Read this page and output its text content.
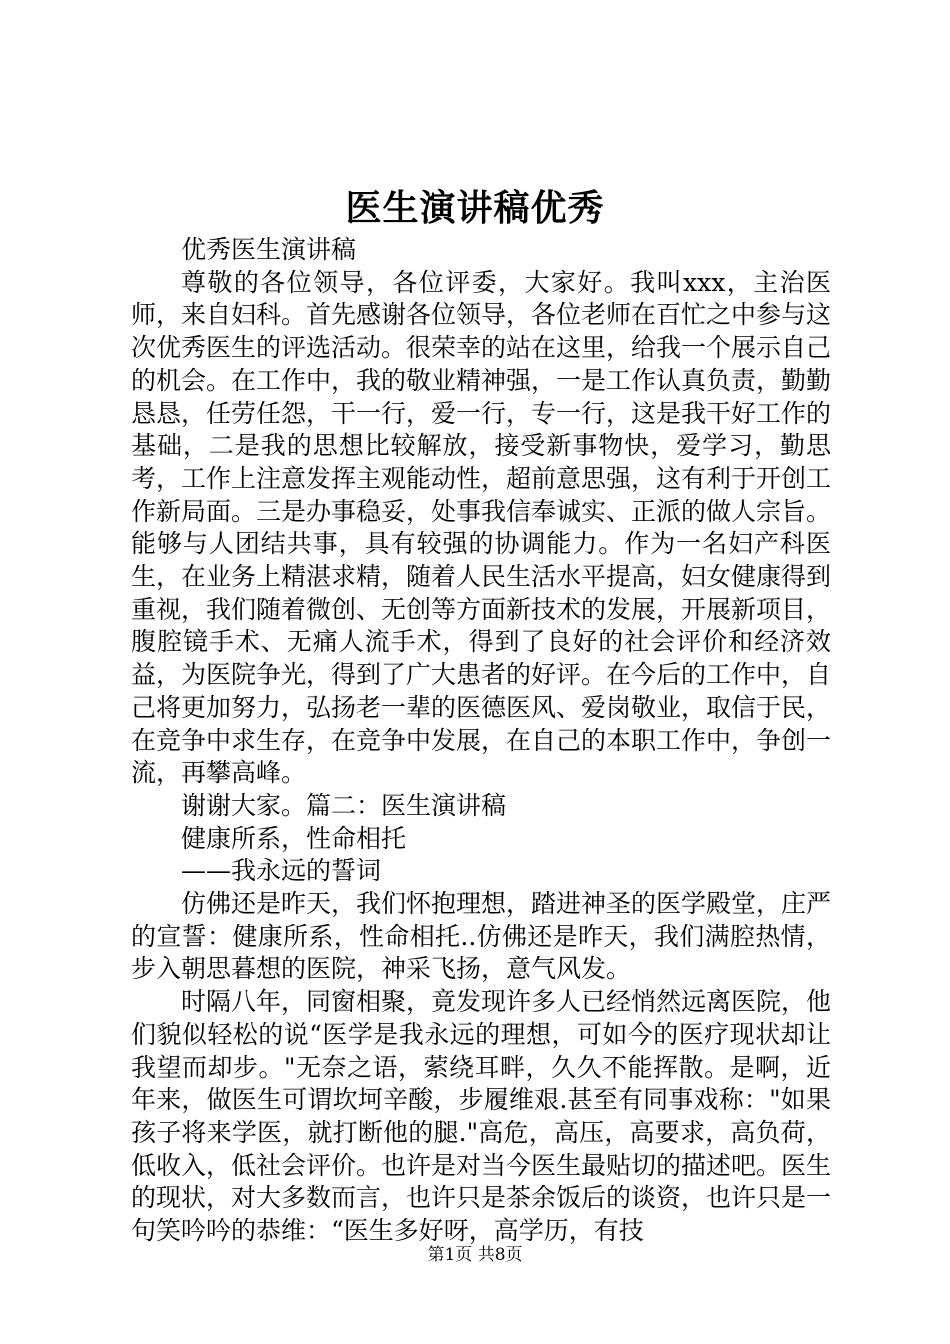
医生演讲稿优秀

优秀医生演讲稿

尊敬的各位领导，各位评委，大家好。我叫xxx，主治医师，来自妇科。首先感谢各位领导，各位老师在百忙之中参与这次优秀医生的评选活动。很荣幸的站在这里，给我一个展示自己的机会。在工作中，我的敬业精神强，一是工作认真负责，勤勤恳恳，任劳任怨，干一行，爱一行，专一行，这是我干好工作的基础，二是我的思想比较解放，接受新事物快，爱学习，勤思考，工作上注意发挥主观能动性，超前意思强，这有利于开创工作新局面。三是办事稳妥，处事我信奉诚实、正派的做人宗旨。能够与人团结共事，具有较强的协调能力。作为一名妇产科医生，在业务上精湛求精，随着人民生活水平提高，妇女健康得到重视，我们随着微创、无创等方面新技术的发展，开展新项目，腹腔镜手术、无痛人流手术，得到了良好的社会评价和经济效益，为医院争光，得到了广大患者的好评。在今后的工作中，自己将更加努力，弘扬老一辈的医德医风、爱岗敬业，取信于民，在竞争中求生存，在竞争中发展，在自己的本职工作中，争创一流，再攀高峰。

谢谢大家。篇二：医生演讲稿

健康所系，性命相托

——我永远的誓词

仿佛还是昨天，我们怀抱理想，踏进神圣的医学殿堂，庄严的宣誓：健康所系，性命相托..仿佛还是昨天，我们满腔热情，步入朝思暮想的医院，神采飞扬，意气风发。

时隔八年，同窗相聚，竟发现许多人已经悄然远离医院，他们貌似轻松的说“医学是我永远的理想，可如今的医疗现状却让我望而却步。"无奈之语，萦绕耳畔，久久不能挥散。是啊，近年来，做医生可谓坎坷辛酸，步履维艰.甚至有同事戏称："如果孩子将来学医，就打断他的腿."高危，高压，高要求，高负荷，低收入，低社会评价。也许是对当今医生最贴切的描述吧。医生的现状，对大多数而言，也许只是茶余饭后的谈资，也许只是一句笑吟吟的恭维：“医生多好呀，高学历，有技

第1页 共8页
